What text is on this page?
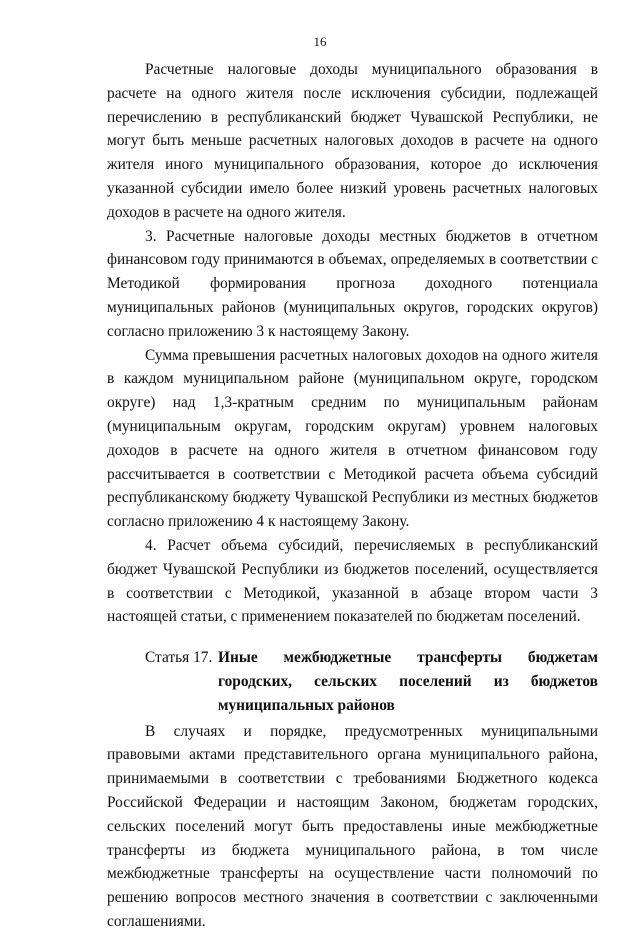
16

Расчетные налоговые доходы муниципального образования в расчете на одного жителя после исключения субсидии, подлежащей перечислению в республиканский бюджет Чувашской Республики, не могут быть меньше расчетных налоговых доходов в расчете на одного жителя иного муниципального образования, которое до исключения указанной субсидии имело более низкий уровень расчетных налоговых доходов в расчете на одного жителя.

3. Расчетные налоговые доходы местных бюджетов в отчетном финансовом году принимаются в объемах, определяемых в соответствии с Методикой формирования прогноза доходного потенциала муниципальных районов (муниципальных округов, городских округов) согласно приложению 3 к настоящему Закону.

Сумма превышения расчетных налоговых доходов на одного жителя в каждом муниципальном районе (муниципальном округе, городском округе) над 1,3-кратным средним по муниципальным районам (муниципальным округам, городским округам) уровнем налоговых доходов в расчете на одного жителя в отчетном финансовом году рассчитывается в соответствии с Методикой расчета объема субсидий республиканскому бюджету Чувашской Республики из местных бюджетов согласно приложению 4 к настоящему Закону.

4. Расчет объема субсидий, перечисляемых в республиканский бюджет Чувашской Республики из бюджетов поселений, осуществляется в соответствии с Методикой, указанной в абзаце втором части 3 настоящей статьи, с применением показателей по бюджетам поселений.

Статья 17. Иные межбюджетные трансферты бюджетам городских, сельских поселений из бюджетов муниципальных районов

В случаях и порядке, предусмотренных муниципальными правовыми актами представительного органа муниципального района, принимаемыми в соответствии с требованиями Бюджетного кодекса Российской Федерации и настоящим Законом, бюджетам городских, сельских поселений могут быть предоставлены иные межбюджетные трансферты из бюджета муниципального района, в том числе межбюджетные трансферты на осуществление части полномочий по решению вопросов местного значения в соответствии с заключенными соглашениями.
